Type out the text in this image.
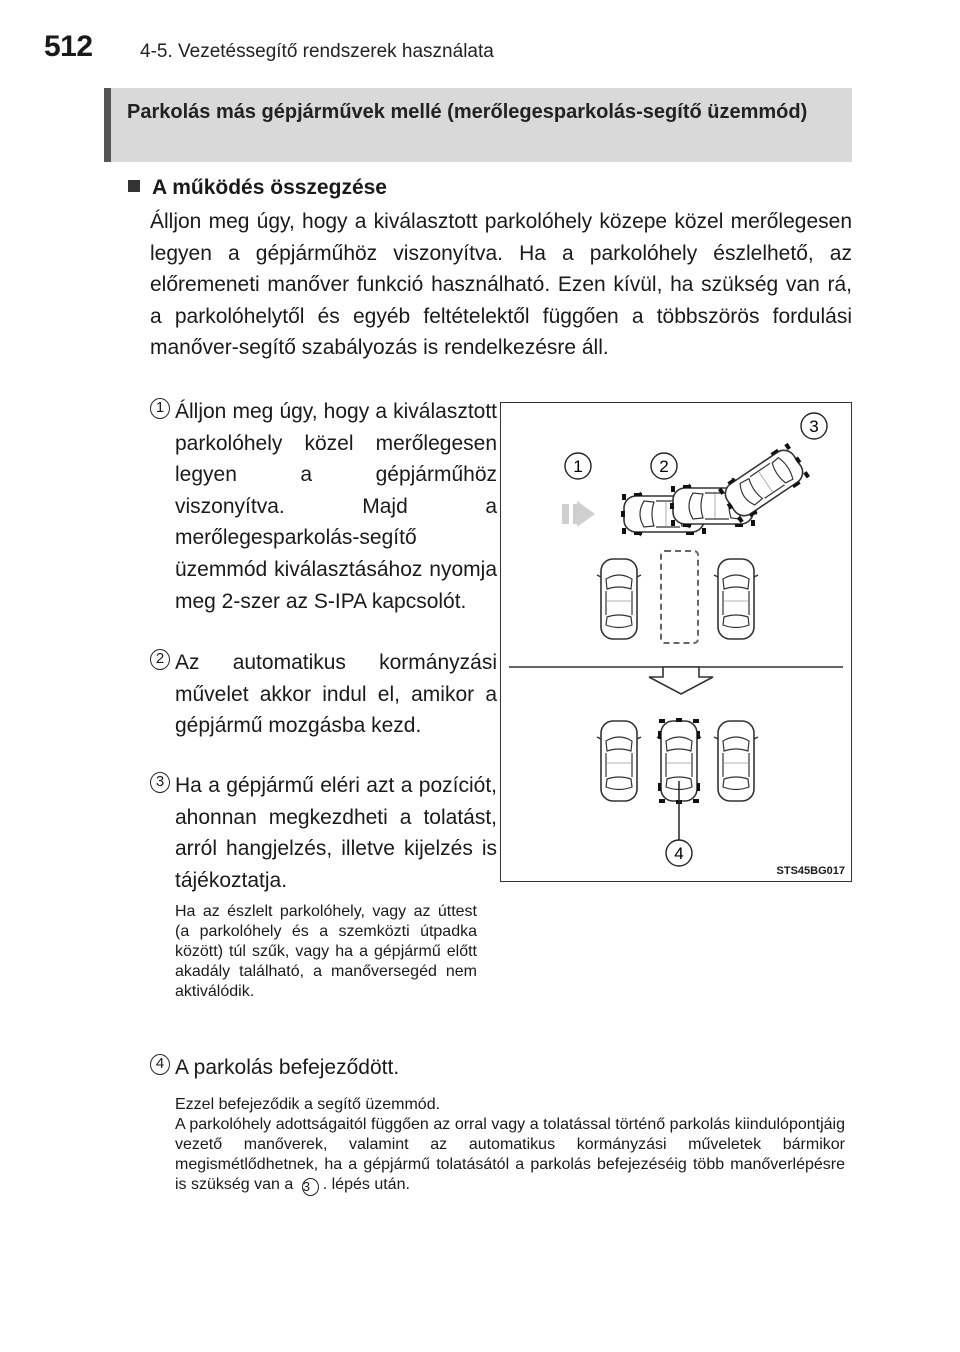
512 4-5. Vezetéssegítő rendszerek használata
Parkolás más gépjárművek mellé (merőlegesparkolás-segítő üzemmód)
A működés összegzése
Álljon meg úgy, hogy a kiválasztott parkolóhely közepe közel merőlegesen legyen a gépjárműhöz viszonyítva. Ha a parkolóhely észlelhető, az előremeneti manőver funkció használható. Ezen kívül, ha szükség van rá, a parkolóhelytől és egyéb feltételektől függően a többszörös fordulási manőver-segítő szabályozás is rendelkezésre áll.
1 Álljon meg úgy, hogy a kiválasztott parkolóhely közel merőlegesen legyen a gépjárműhöz viszonyítva. Majd a merőlegesparkolás-segítő üzemmód kiválasztásához nyomja meg 2-szer az S-IPA kapcsolót.
2 Az automatikus kormányzási művelet akkor indul el, amikor a gépjármű mozgásba kezd.
3 Ha a gépjármű eléri azt a pozíciót, ahonnan megkezdheti a tolatást, arról hangjelzés, illetve kijelzés is tájékoztatja.
Ha az észlelt parkolóhely, vagy az úttest (a parkolóhely és a szemközti útpadka között) túl szűk, vagy ha a gépjármű előtt akadály található, a manőversegéd nem aktiválódik.
4 A parkolás befejeződött.
Ezzel befejeződik a segítő üzemmód.
A parkolóhely adottságaitól függően az orral vagy a tolatással történő parkolás kiindulópontjáig vezető manőverek, valamint az automatikus kormányzási műveletek bármikor megismétlődhetnek, ha a gépjármű tolatásától a parkolás befejezéséig több manőverlépésre is szükség van a 3 . lépés után.
1	2
3
4
STS45BG017
